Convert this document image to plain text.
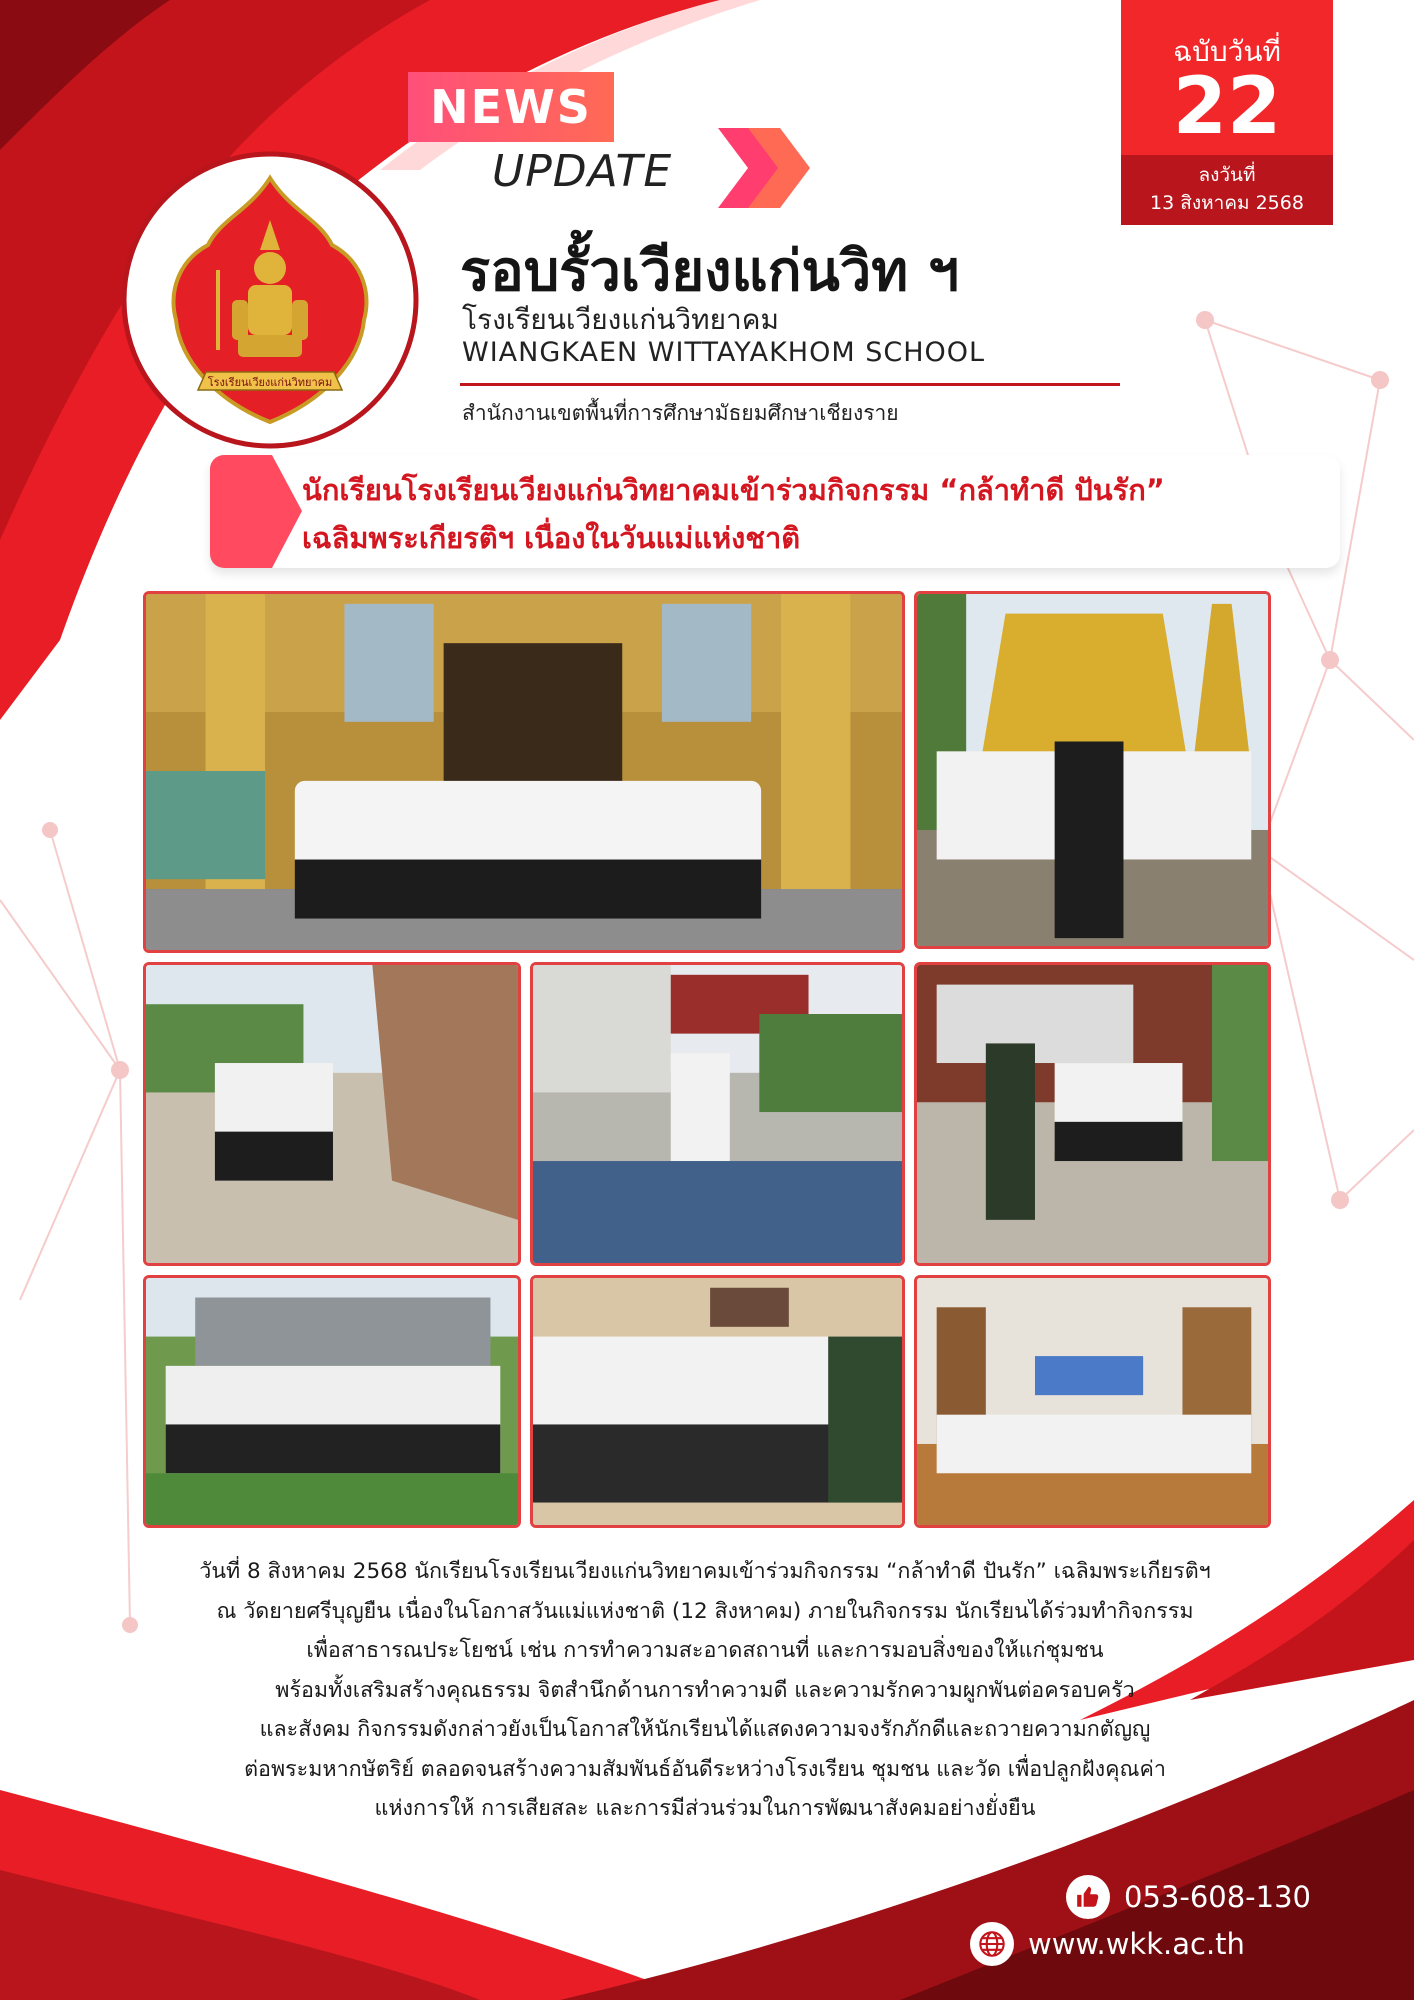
NEWS
UPDATE
ฉบับวันที่
22
ลงวันที่
13 สิงหาคม 2568
โรงเรียนเวียงแก่นวิทยาคม
รอบรั้วเวียงแก่นวิท ฯ
โรงเรียนเวียงแก่นวิทยาคม
WIANGKAEN WITTAYAKHOM SCHOOL
สำนักงานเขตพื้นที่การศึกษามัธยมศึกษาเชียงราย
นักเรียนโรงเรียนเวียงแก่นวิทยาคมเข้าร่วมกิจกรรม “กล้าทำดี ปันรัก”
เฉลิมพระเกียรติฯ เนื่องในวันแม่แห่งชาติ
วันที่ 8 สิงหาคม 2568 นักเรียนโรงเรียนเวียงแก่นวิทยาคมเข้าร่วมกิจกรรม “กล้าทำดี ปันรัก” เฉลิมพระเกียรติฯ
ณ วัดยายศรีบุญยืน เนื่องในโอกาสวันแม่แห่งชาติ (12 สิงหาคม) ภายในกิจกรรม นักเรียนได้ร่วมทำกิจกรรม
เพื่อสาธารณประโยชน์ เช่น การทำความสะอาดสถานที่ และการมอบสิ่งของให้แก่ชุมชน
พร้อมทั้งเสริมสร้างคุณธรรม จิตสำนึกด้านการทำความดี และความรักความผูกพันต่อครอบครัว
และสังคม กิจกรรมดังกล่าวยังเป็นโอกาสให้นักเรียนได้แสดงความจงรักภักดีและถวายความกตัญญู
ต่อพระมหากษัตริย์ ตลอดจนสร้างความสัมพันธ์อันดีระหว่างโรงเรียน ชุมชน และวัด เพื่อปลูกฝังคุณค่า
แห่งการให้ การเสียสละ และการมีส่วนร่วมในการพัฒนาสังคมอย่างยั่งยืน
053-608-130
www.wkk.ac.th
